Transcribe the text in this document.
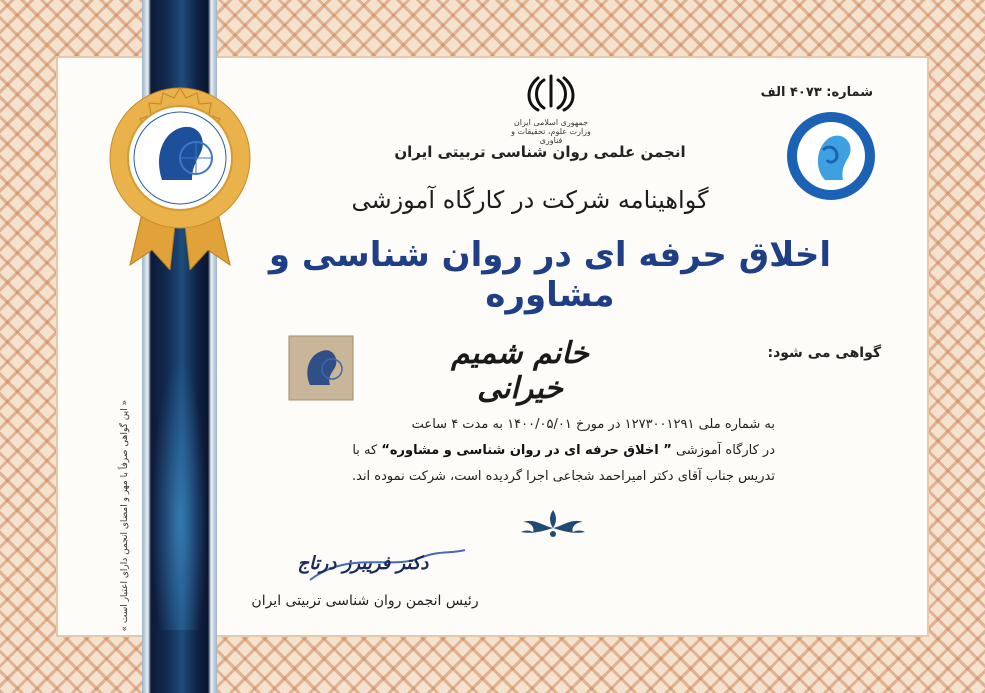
جمهوری اسلامی ایران
وزارت علوم، تحقیقات و فناوری
شماره: ۴۰۷۳ الف
انجمن علمی روان شناسی تربیتی ایران
گواهینامه شرکت در کارگاه آموزشی
اخلاق حرفه ای در روان شناسی و مشاوره
گواهی می شود:
خانم شمیم خیرانی

به شماره ملی ۱۲۷۳۰۰۱۲۹۱ در مورخ ۱۴۰۰/۰۵/۰۱ به مدت ۴ ساعت

در کارگاه آموزشی ” اخلاق حرفه ای در روان شناسی و مشاوره“ که با

تدریس جناب آقای دکتر امیراحمد شجاعی اجرا گردیده است، شرکت نموده اند.

دکتر فریبرز درتاج
رئیس انجمن روان شناسی تربیتی ایران
« این گواهی صرفاً با مهر و امضای انجمن دارای اعتبار است »
